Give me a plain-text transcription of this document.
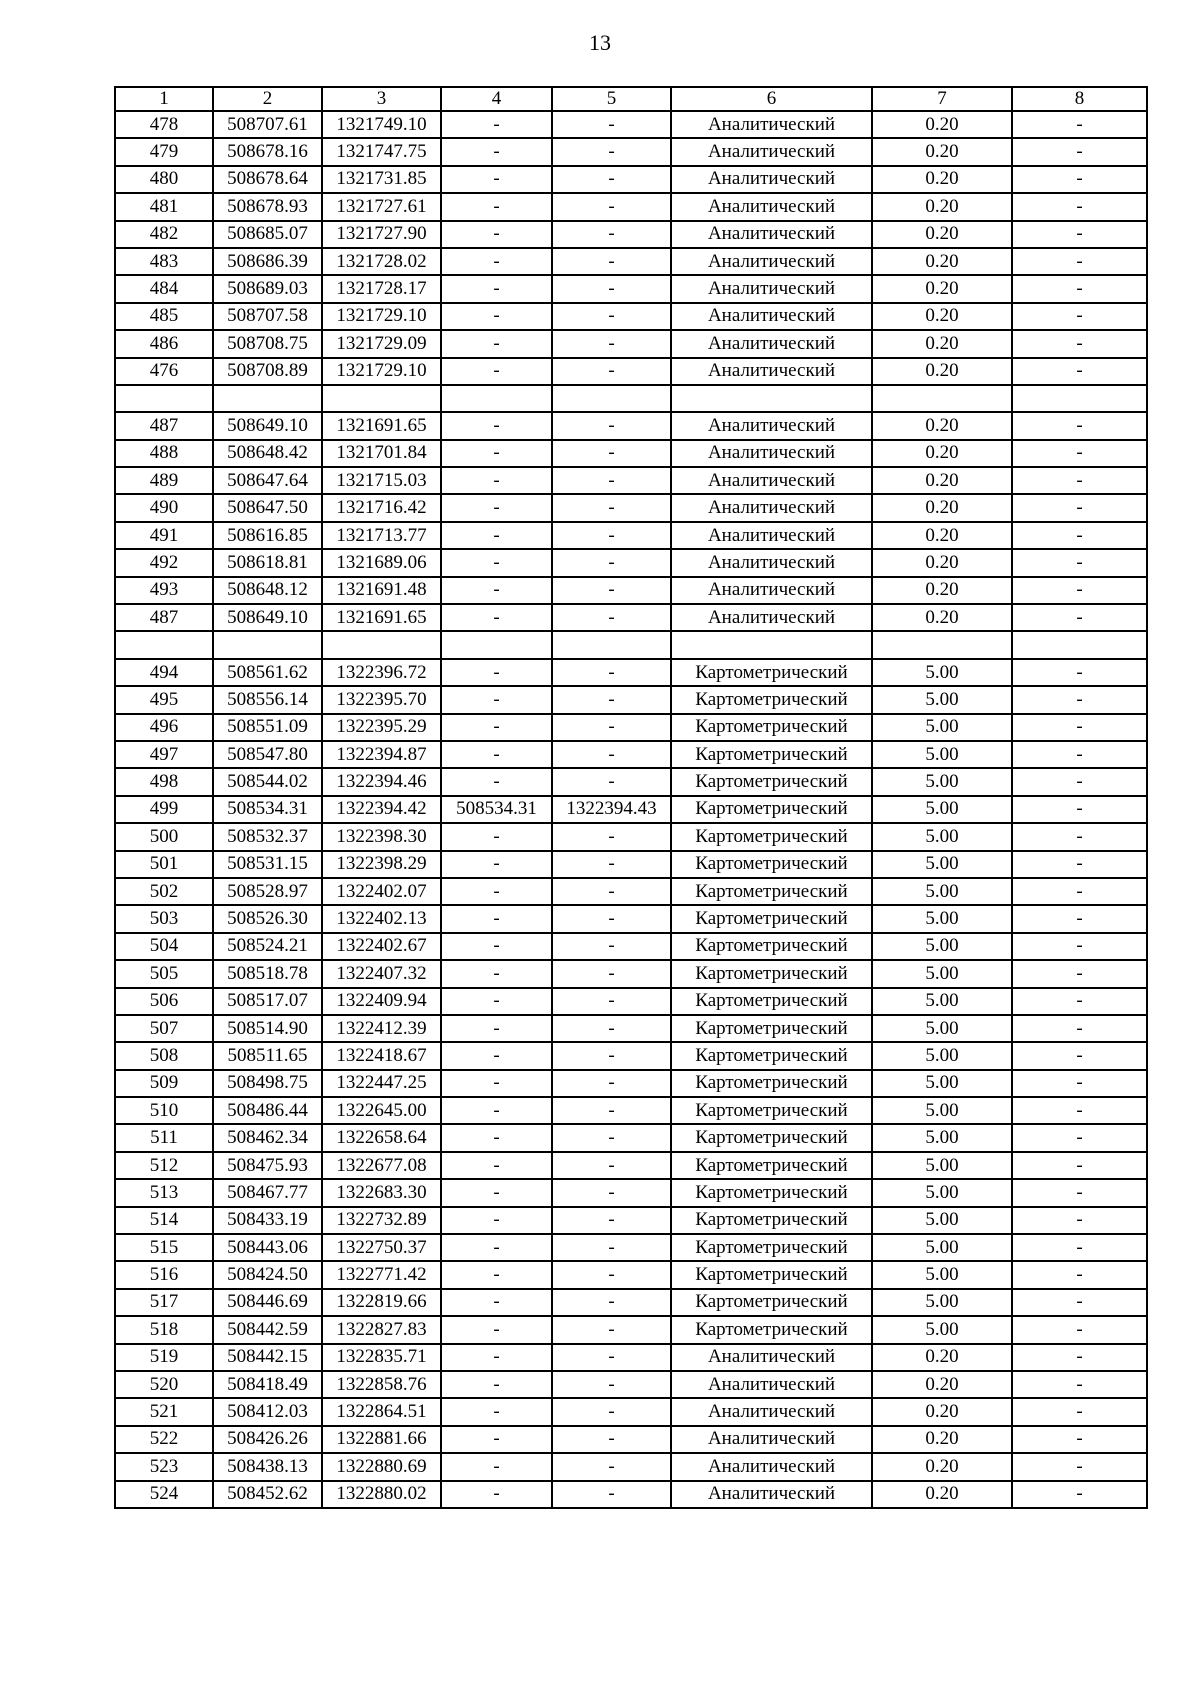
13
1	2	3	4	5	6	7	8
478	508707.61	1321749.10	-	-	Аналитический	0.20	-
479	508678.16	1321747.75	-	-	Аналитический	0.20	-
480	508678.64	1321731.85	-	-	Аналитический	0.20	-
481	508678.93	1321727.61	-	-	Аналитический	0.20	-
482	508685.07	1321727.90	-	-	Аналитический	0.20	-
483	508686.39	1321728.02	-	-	Аналитический	0.20	-
484	508689.03	1321728.17	-	-	Аналитический	0.20	-
485	508707.58	1321729.10	-	-	Аналитический	0.20	-
486	508708.75	1321729.09	-	-	Аналитический	0.20	-
476	508708.89	1321729.10	-	-	Аналитический	0.20	-

487	508649.10	1321691.65	-	-	Аналитический	0.20	-
488	508648.42	1321701.84	-	-	Аналитический	0.20	-
489	508647.64	1321715.03	-	-	Аналитический	0.20	-
490	508647.50	1321716.42	-	-	Аналитический	0.20	-
491	508616.85	1321713.77	-	-	Аналитический	0.20	-
492	508618.81	1321689.06	-	-	Аналитический	0.20	-
493	508648.12	1321691.48	-	-	Аналитический	0.20	-
487	508649.10	1321691.65	-	-	Аналитический	0.20	-

494	508561.62	1322396.72	-	-	Картометрический	5.00	-
495	508556.14	1322395.70	-	-	Картометрический	5.00	-
496	508551.09	1322395.29	-	-	Картометрический	5.00	-
497	508547.80	1322394.87	-	-	Картометрический	5.00	-
498	508544.02	1322394.46	-	-	Картометрический	5.00	-
499	508534.31	1322394.42	508534.31	1322394.43	Картометрический	5.00	-
500	508532.37	1322398.30	-	-	Картометрический	5.00	-
501	508531.15	1322398.29	-	-	Картометрический	5.00	-
502	508528.97	1322402.07	-	-	Картометрический	5.00	-
503	508526.30	1322402.13	-	-	Картометрический	5.00	-
504	508524.21	1322402.67	-	-	Картометрический	5.00	-
505	508518.78	1322407.32	-	-	Картометрический	5.00	-
506	508517.07	1322409.94	-	-	Картометрический	5.00	-
507	508514.90	1322412.39	-	-	Картометрический	5.00	-
508	508511.65	1322418.67	-	-	Картометрический	5.00	-
509	508498.75	1322447.25	-	-	Картометрический	5.00	-
510	508486.44	1322645.00	-	-	Картометрический	5.00	-
511	508462.34	1322658.64	-	-	Картометрический	5.00	-
512	508475.93	1322677.08	-	-	Картометрический	5.00	-
513	508467.77	1322683.30	-	-	Картометрический	5.00	-
514	508433.19	1322732.89	-	-	Картометрический	5.00	-
515	508443.06	1322750.37	-	-	Картометрический	5.00	-
516	508424.50	1322771.42	-	-	Картометрический	5.00	-
517	508446.69	1322819.66	-	-	Картометрический	5.00	-
518	508442.59	1322827.83	-	-	Картометрический	5.00	-
519	508442.15	1322835.71	-	-	Аналитический	0.20	-
520	508418.49	1322858.76	-	-	Аналитический	0.20	-
521	508412.03	1322864.51	-	-	Аналитический	0.20	-
522	508426.26	1322881.66	-	-	Аналитический	0.20	-
523	508438.13	1322880.69	-	-	Аналитический	0.20	-
524	508452.62	1322880.02	-	-	Аналитический	0.20	-
